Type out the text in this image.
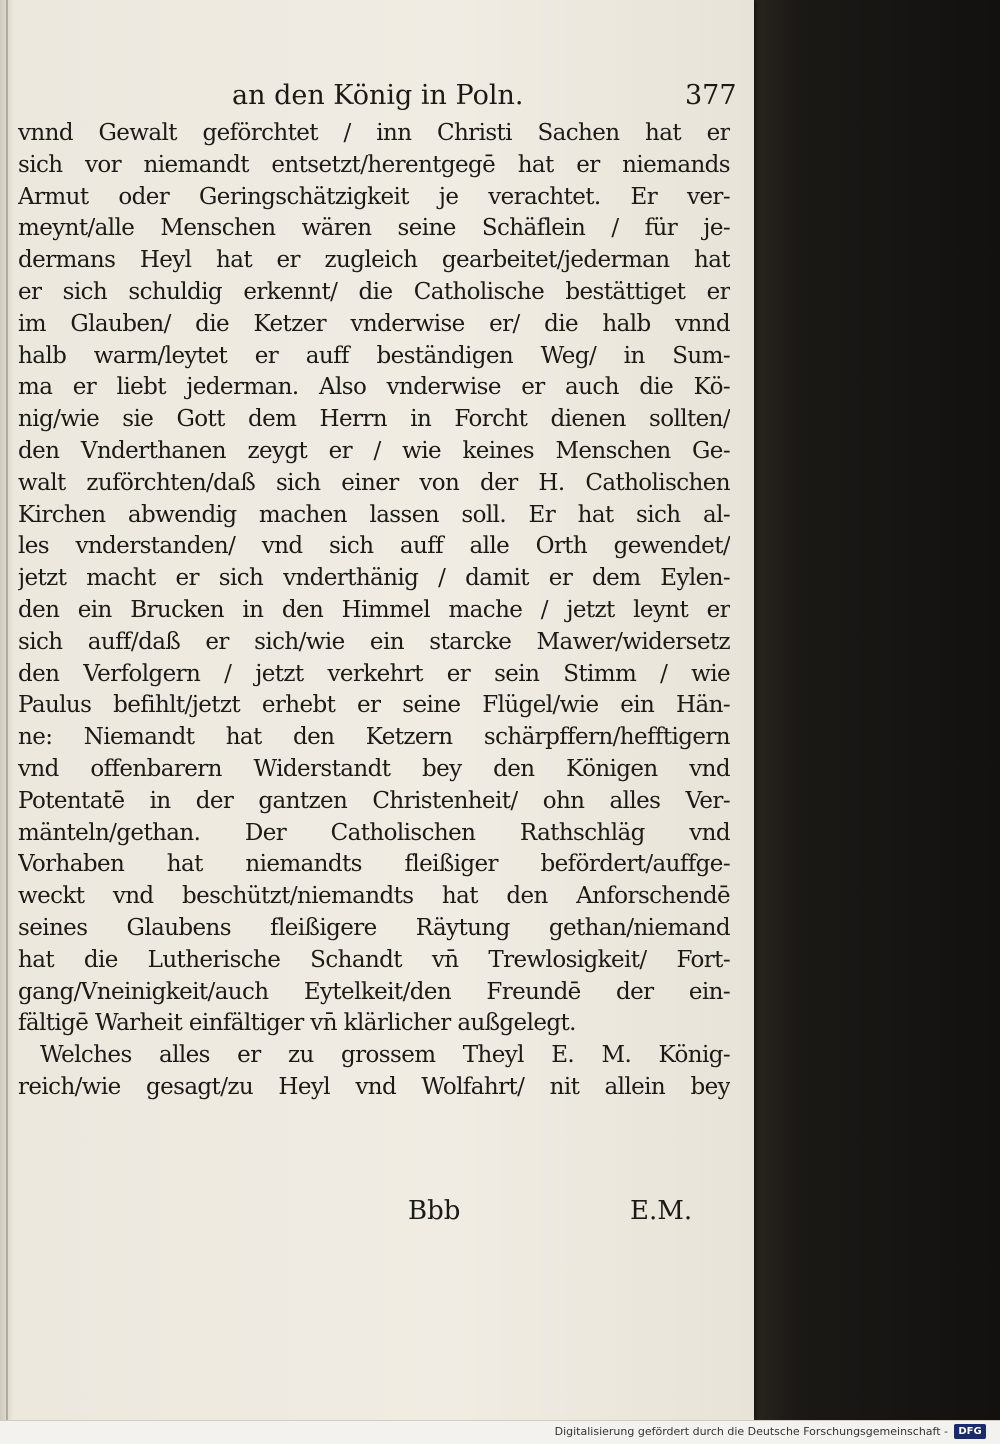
an den König in Poln.	377
vnnd Gewalt geförchtet / inn Christi Sachen hat er
sich vor niemandt entsetzt/herentgegē hat er niemands
Armut oder Geringschätzigkeit je verachtet. Er ver-
meynt/alle Menschen wären seine Schäflein / für je-
dermans Heyl hat er zugleich gearbeitet/jederman hat
er sich schuldig erkennt/ die Catholische bestättiget er
im Glauben/ die Ketzer vnderwise er/ die halb vnnd
halb warm/leytet er auff beständigen Weg/ in Sum-
ma er liebt jederman. Also vnderwise er auch die Kö-
nig/wie sie Gott dem Herrn in Forcht dienen sollten/
den Vnderthanen zeygt er / wie keines Menschen Ge-
walt zuförchten/daß sich einer von der H. Catholischen
Kirchen abwendig machen lassen soll. Er hat sich al-
les vnderstanden/ vnd sich auff alle Orth gewendet/
jetzt macht er sich vnderthänig / damit er dem Eylen-
den ein Brucken in den Himmel mache / jetzt leynt er
sich auff/daß er sich/wie ein starcke Mawer/widersetz
den Verfolgern / jetzt verkehrt er sein Stimm / wie
Paulus befihlt/jetzt erhebt er seine Flügel/wie ein Hän-
ne: Niemandt hat den Ketzern schärpffern/hefftigern
vnd offenbarern Widerstandt bey den Königen vnd
Potentatē in der gantzen Christenheit/ ohn alles Ver-
mänteln/gethan. Der Catholischen Rathschläg vnd
Vorhaben hat niemandts fleißiger befördert/auffge-
weckt vnd beschützt/niemandts hat den Anforschendē
seines Glaubens fleißigere Räytung gethan/niemand
hat die Lutherische Schandt vn̄ Trewlosigkeit/ Fort-
gang/Vneinigkeit/auch Eytelkeit/den Freundē der ein-
fältigē Warheit einfältiger vn̄ klärlicher außgelegt.
Welches alles er zu grossem Theyl E. M. König-
reich/wie gesagt/zu Heyl vnd Wolfahrt/ nit allein bey
Bbb	E.M.
Digitalisierung gefördert durch die Deutsche Forschungsgemeinschaft -	DFG
